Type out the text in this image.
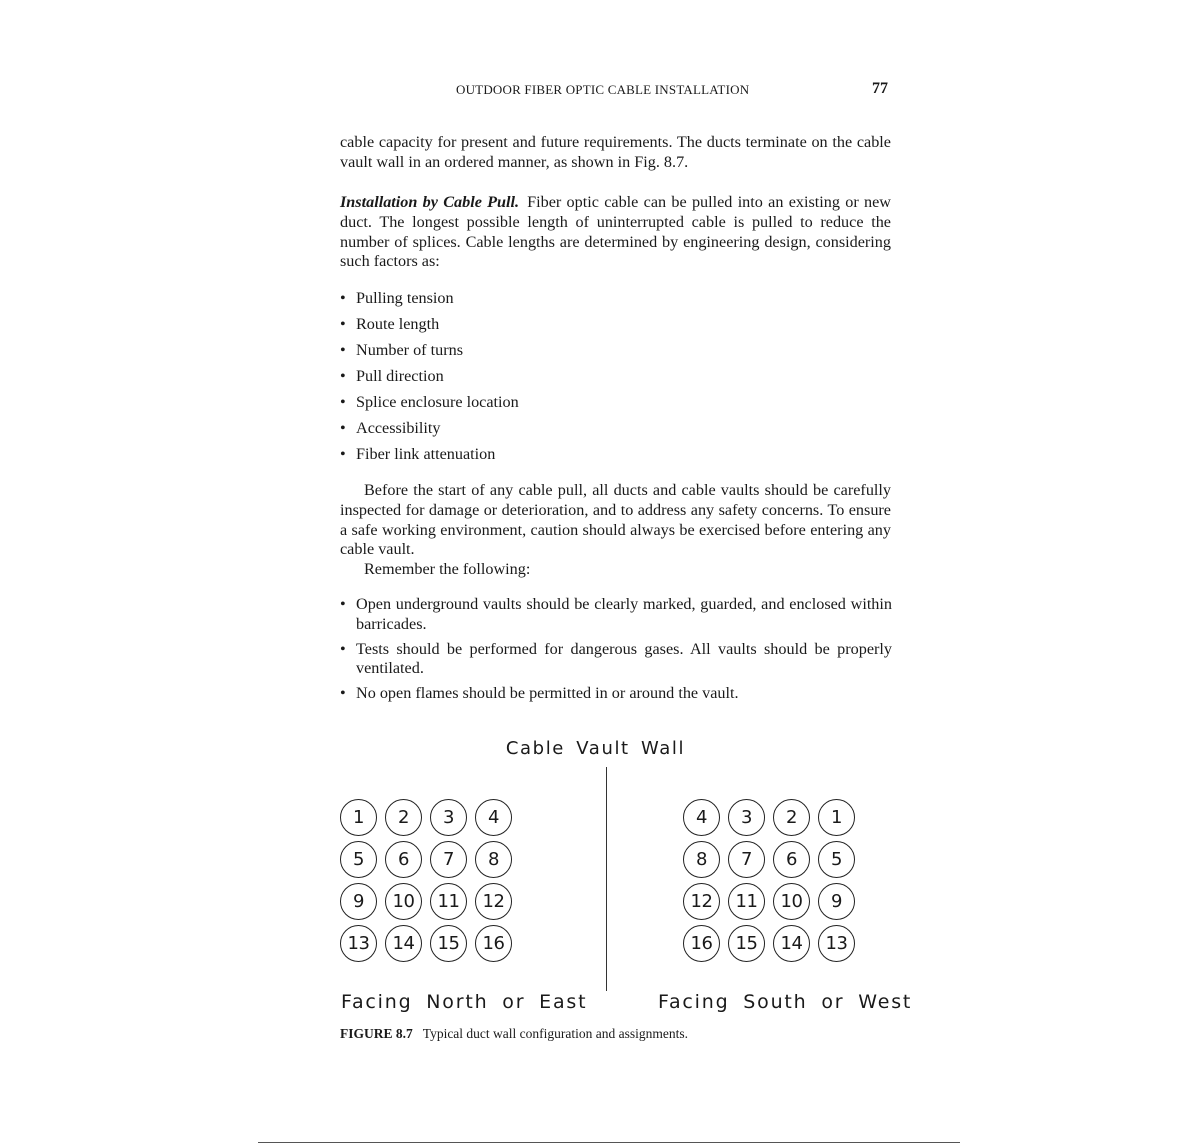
OUTDOOR FIBER OPTIC CABLE INSTALLATION	77

cable capacity for present and future requirements. The ducts terminate on the cable vault wall in an ordered manner, as shown in Fig. 8.7.

Installation by Cable Pull. Fiber optic cable can be pulled into an existing or new duct. The longest possible length of uninterrupted cable is pulled to reduce the number of splices. Cable lengths are determined by engineering design, considering such factors as:

• Pulling tension
• Route length
• Number of turns
• Pull direction
• Splice enclosure location
• Accessibility
• Fiber link attenuation

Before the start of any cable pull, all ducts and cable vaults should be carefully inspected for damage or deterioration, and to address any safety concerns. To ensure a safe working environment, caution should always be exercised before entering any cable vault.

Remember the following:

• Open underground vaults should be clearly marked, guarded, and enclosed within barricades.
• Tests should be performed for dangerous gases. All vaults should be properly ventilated.
• No open flames should be permitted in or around the vault.
Cable Vault Wall
1	2	3	4
5	6	7	8
9	10	11	12
13	14	15	16
4	3	2	1
8	7	6	5
12	11	10	9
16	15	14	13
Facing North or East	Facing South or West
FIGURE 8.7 Typical duct wall configuration and assignments.
